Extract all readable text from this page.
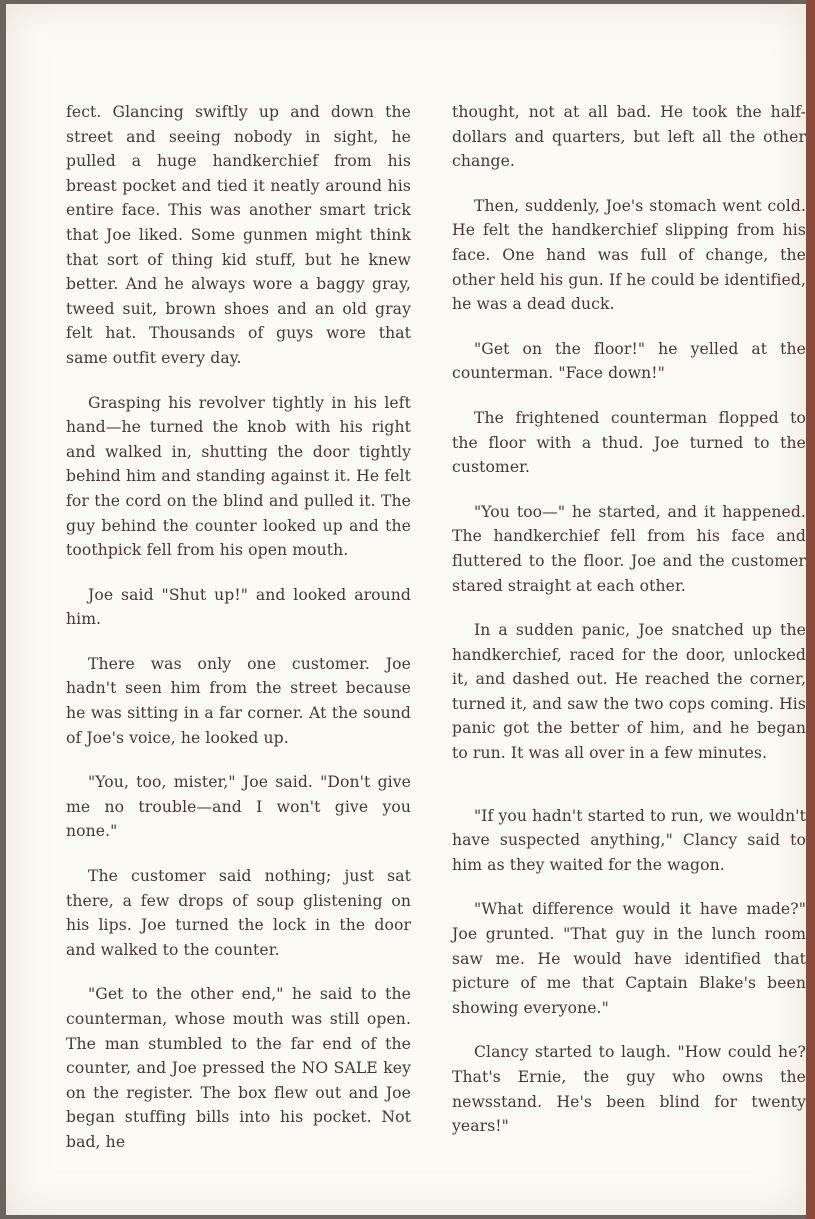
fect. Glancing swiftly up and down the street and seeing nobody in sight, he pulled a huge handkerchief from his breast pocket and tied it neatly around his entire face. This was another smart trick that Joe liked. Some gunmen might think that sort of thing kid stuff, but he knew better. And he always wore a baggy gray, tweed suit, brown shoes and an old gray felt hat. Thousands of guys wore that same outfit every day.

Grasping his revolver tightly in his left hand—he turned the knob with his right and walked in, shutting the door tightly behind him and standing against it. He felt for the cord on the blind and pulled it. The guy behind the counter looked up and the toothpick fell from his open mouth.

Joe said "Shut up!" and looked around him.

There was only one customer. Joe hadn't seen him from the street because he was sitting in a far corner. At the sound of Joe's voice, he looked up.

"You, too, mister," Joe said. "Don't give me no trouble—and I won't give you none."

The customer said nothing; just sat there, a few drops of soup glistening on his lips. Joe turned the lock in the door and walked to the counter.

"Get to the other end," he said to the counterman, whose mouth was still open. The man stumbled to the far end of the counter, and Joe pressed the NO SALE key on the register. The box flew out and Joe began stuffing bills into his pocket. Not bad, he

thought, not at all bad. He took the half-dollars and quarters, but left all the other change.

Then, suddenly, Joe's stomach went cold. He felt the handkerchief slipping from his face. One hand was full of change, the other held his gun. If he could be identified, he was a dead duck.

"Get on the floor!" he yelled at the counterman. "Face down!"

The frightened counterman flopped to the floor with a thud. Joe turned to the customer.

"You too—" he started, and it happened. The handkerchief fell from his face and fluttered to the floor. Joe and the customer stared straight at each other.

In a sudden panic, Joe snatched up the handkerchief, raced for the door, unlocked it, and dashed out. He reached the corner, turned it, and saw the two cops coming. His panic got the better of him, and he began to run. It was all over in a few minutes.

"If you hadn't started to run, we wouldn't have suspected anything," Clancy said to him as they waited for the wagon.

"What difference would it have made?" Joe grunted. "That guy in the lunch room saw me. He would have identified that picture of me that Captain Blake's been showing everyone."

Clancy started to laugh. "How could he? That's Ernie, the guy who owns the newsstand. He's been blind for twenty years!"
